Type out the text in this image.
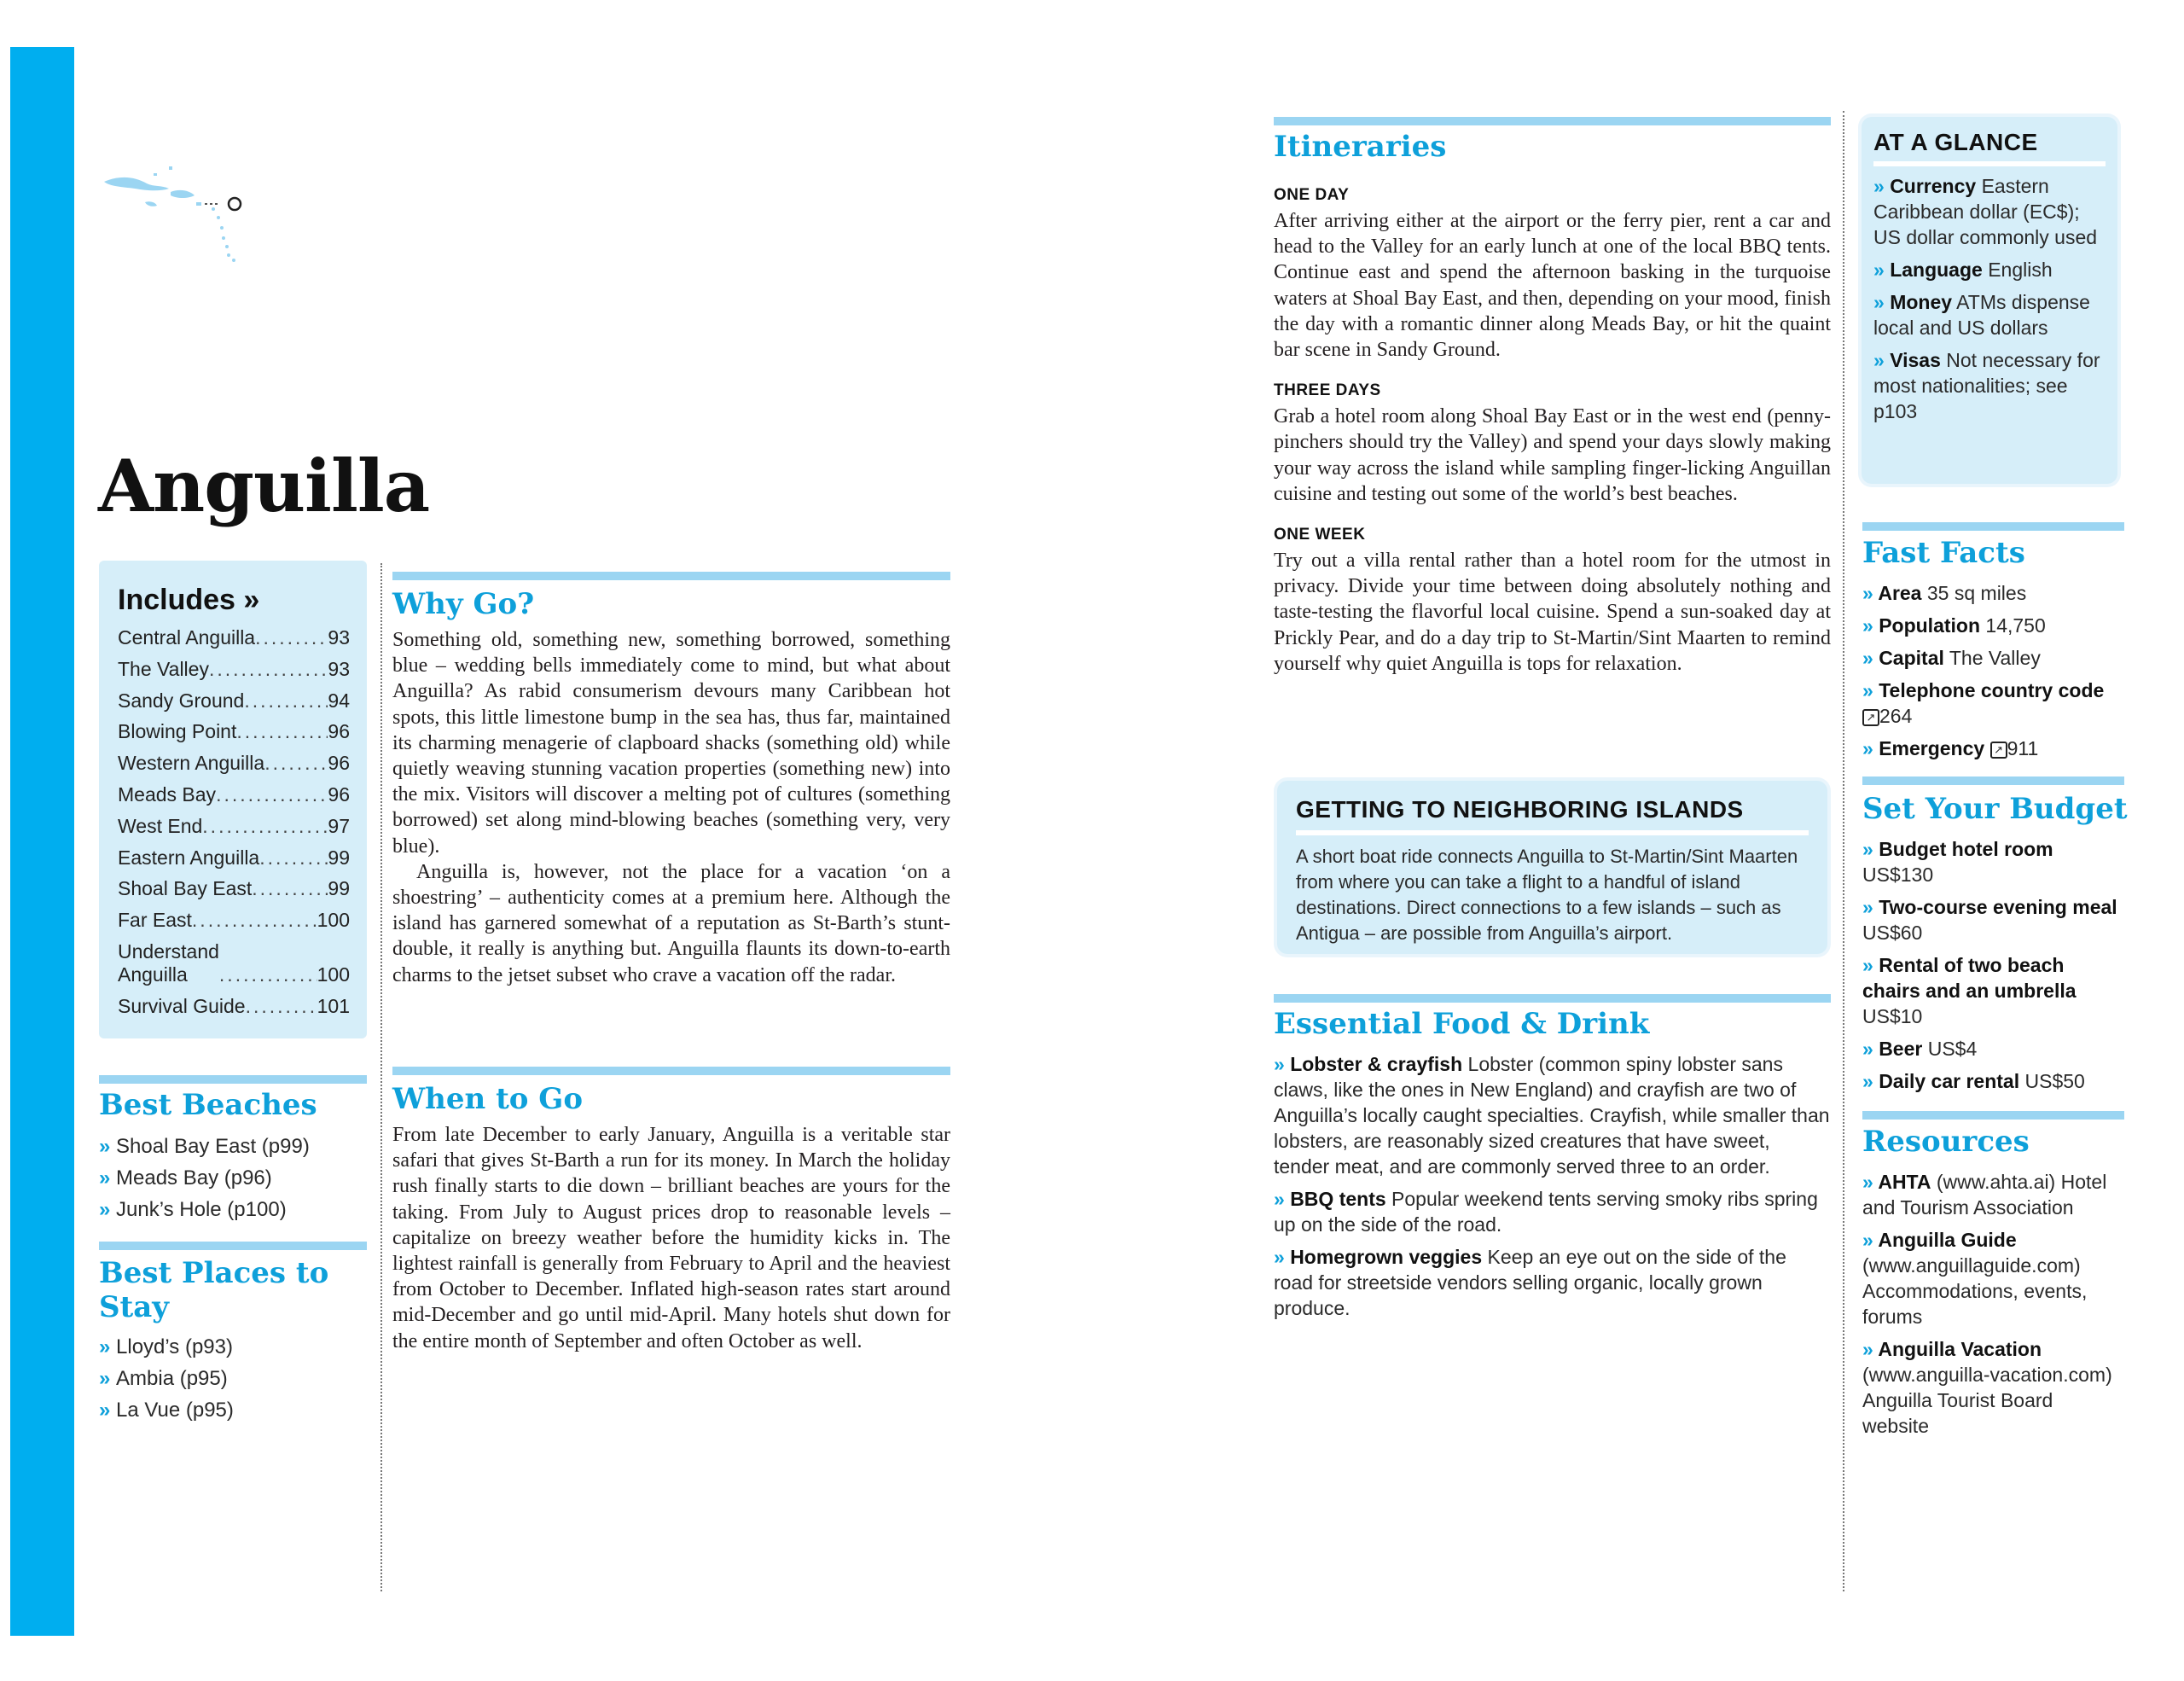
Anguilla
Includes »
Central Anguilla .....	93
The Valley .....	93
Sandy Ground .....	94
Blowing Point .....	96
Western Anguilla .....	96
Meads Bay .....	96
West End .....	97
Eastern Anguilla .....	99
Shoal Bay East .....	99
Far East .....	100
Understand
Anguilla .....	100
Survival Guide .....	101
Best Beaches
» Shoal Bay East (p99)
» Meads Bay (p96)
» Junk’s Hole (p100)
Best Places to Stay
» Lloyd’s (p93)
» Ambia (p95)
» La Vue (p95)
Why Go?

Something old, something new, something borrowed, something blue – wedding bells immediately come to mind, but what about Anguilla? As rabid consumerism devours many Caribbean hot spots, this little limestone bump in the sea has, thus far, maintained its charming menagerie of clapboard shacks (something old) while quietly weaving stunning vacation properties (something new) into the mix. Visitors will discover a melting pot of cultures (something borrowed) set along mind-blowing beaches (something very, very blue).

Anguilla is, however, not the place for a vacation ‘on a shoestring’ – authenticity comes at a premium here. Although the island has garnered somewhat of a reputation as St-Barth’s stunt-double, it really is anything but. Anguilla flaunts its down-to-earth charms to the jetset subset who crave a vacation off the radar.

When to Go

From late December to early January, Anguilla is a veritable star safari that gives St-Barth a run for its money. In March the holiday rush finally starts to die down – brilliant beaches are yours for the taking. From July to August prices drop to reasonable levels – capitalize on breezy weather before the humidity kicks in. The lightest rainfall is generally from February to April and the heaviest from October to December. Inflated high-season rates start around mid-December and go until mid-April. Many hotels shut down for the entire month of September and often October as well.

Itineraries
ONE DAY

After arriving either at the airport or the ferry pier, rent a car and head to the Valley for an early lunch at one of the local BBQ tents. Continue east and spend the afternoon basking in the turquoise waters at Shoal Bay East, and then, depending on your mood, finish the day with a romantic dinner along Meads Bay, or hit the quaint bar scene in Sandy Ground.

THREE DAYS

Grab a hotel room along Shoal Bay East or in the west end (penny-pinchers should try the Valley) and spend your days slowly making your way across the island while sampling finger-licking Anguillan cuisine and testing out some of the world’s best beaches.

ONE WEEK

Try out a villa rental rather than a hotel room for the utmost in privacy. Divide your time between doing absolutely nothing and taste-testing the flavorful local cuisine. Spend a sun-soaked day at Prickly Pear, and do a day trip to St-Martin/Sint Maarten to remind yourself why quiet Anguilla is tops for relaxation.

GETTING TO NEIGHBORING ISLANDS

A short boat ride connects Anguilla to St-Martin/Sint Maarten from where you can take a flight to a handful of island destinations. Direct connections to a few islands – such as Antigua – are possible from Anguilla’s airport.

Essential Food & Drink

» Lobster & crayfish Lobster (common spiny lobster sans claws, like the ones in New England) and crayfish are two of Anguilla’s locally caught specialties. Crayfish, while smaller than lobsters, are reasonably sized creatures that have sweet, tender meat, and are commonly served three to an order.

» BBQ tents Popular weekend tents serving smoky ribs spring up on the side of the road.

» Homegrown veggies Keep an eye out on the side of the road for streetside vendors selling organic, locally grown produce.

AT A GLANCE

» Currency Eastern Caribbean dollar (EC$); US dollar commonly used

» Language English

» Money ATMs dispense local and US dollars

» Visas Not necessary for most nationalities; see p103

Fast Facts

» Area 35 sq miles

» Population 14,750

» Capital The Valley

» Telephone country code
↗ 264

» Emergency ↗ 911

Set Your Budget

» Budget hotel room US$130

» Two-course evening meal US$60

» Rental of two beach chairs and an umbrella US$10

» Beer US$4

» Daily car rental US$50

Resources

» AHTA (www.ahta.ai) Hotel and Tourism Association

» Anguilla Guide (www.anguillaguide.com) Accommodations, events, forums

» Anguilla Vacation (www.anguilla-vacation.com) Anguilla Tourist Board website
